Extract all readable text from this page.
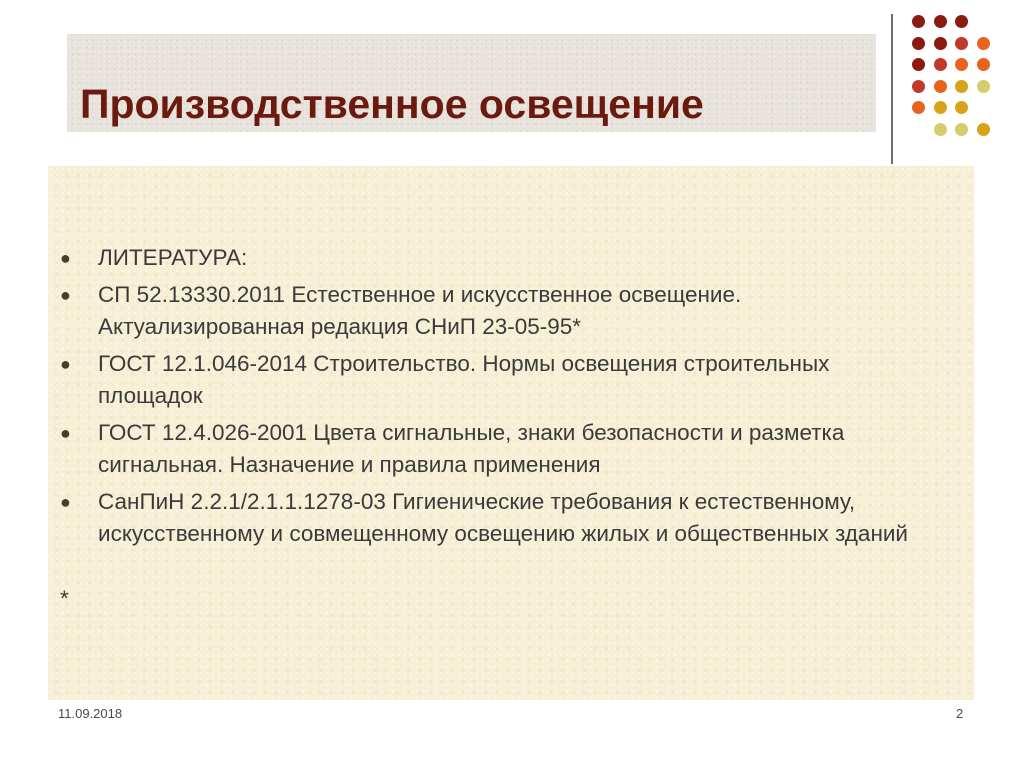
Производственное освещение
●	ЛИТЕРАТУРА:
●	СП 52.13330.2011 Естественное и искусственное освещение. Актуализированная редакция СНиП 23-05-95*
●	ГОСТ 12.1.046-2014 Строительство. Нормы освещения строительных площадок
●	ГОСТ 12.4.026-2001 Цвета сигнальные, знаки безопасности и разметка сигнальная. Назначение и правила применения
●	СанПиН 2.2.1/2.1.1.1278-03 Гигиенические требования к естественному, искусственному и совмещенному освещению жилых и общественных зданий
*
11.09.2018	2
